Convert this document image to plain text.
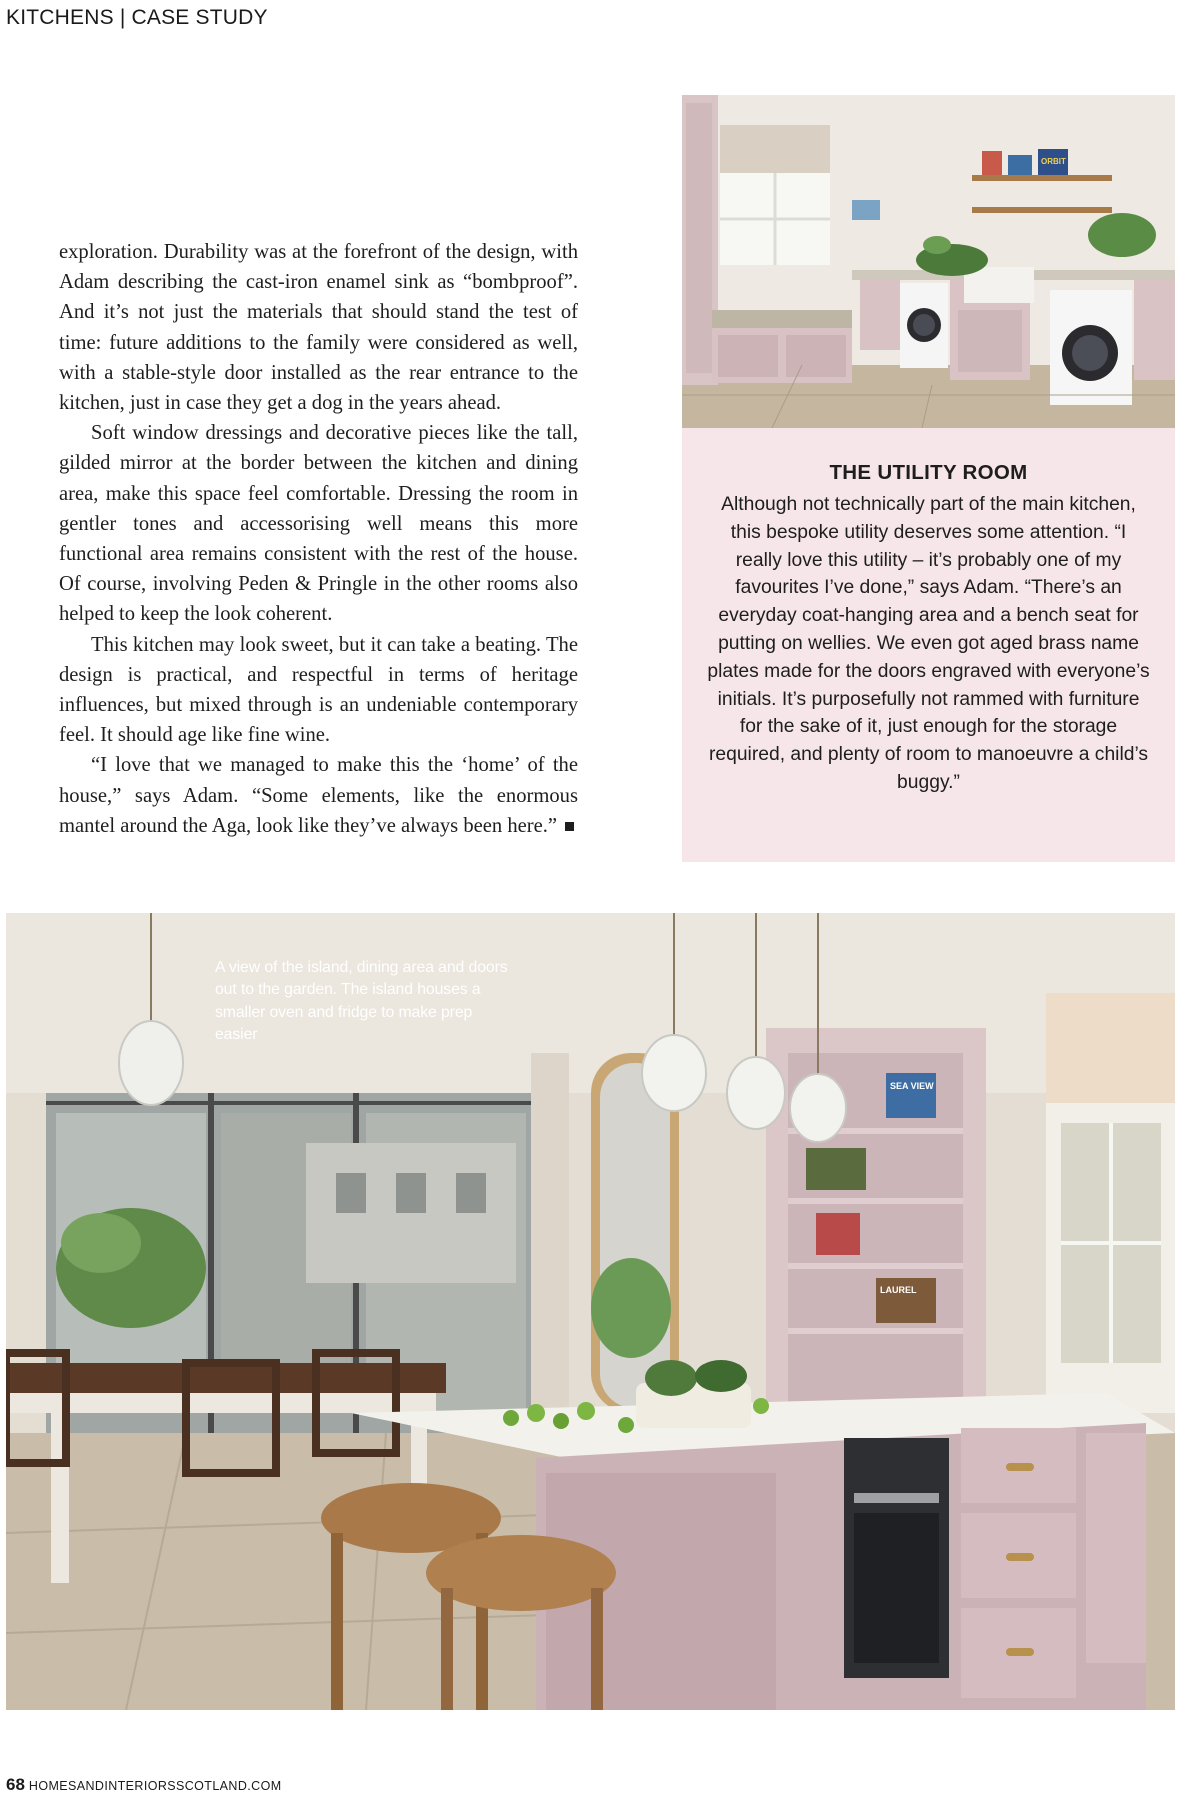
KITCHENS | CASE STUDY

exploration. Durability was at the forefront of the design, with Adam describing the cast-iron enamel sink as “bombproof”. And it’s not just the materials that should stand the test of time: future additions to the family were considered as well, with a stable-style door installed as the rear entrance to the kitchen, just in case they get a dog in the years ahead.

Soft window dressings and decorative pieces like the tall, gilded mirror at the border between the kitchen and dining area, make this space feel comfortable. Dressing the room in gentler tones and accessorising well means this more functional area remains consistent with the rest of the house. Of course, involving Peden & Pringle in the other rooms also helped to keep the look coherent.

This kitchen may look sweet, but it can take a beating. The design is practical, and respectful in terms of heritage influences, but mixed through is an undeniable contemporary feel. It should age like fine wine.

“I love that we managed to make this the ‘home’ of the house,” says Adam. “Some elements, like the enormous mantel around the Aga, look like they’ve always been here.”

ORBIT
THE UTILITY ROOM

Although not technically part of the main kitchen, this bespoke utility deserves some attention. “I really love this utility – it’s probably one of my favourites I’ve done,” says Adam. “There’s an everyday coat-hanging area and a bench seat for putting on wellies. We even got aged brass name plates made for the doors engraved with everyone’s initials. It’s purposefully not rammed with furniture for the sake of it, just enough for the storage required, and plenty of room to manoeuvre a child’s buggy.”

SEA VIEW
LAUREL
A view of the island, dining area and doors out to the garden. The island houses a smaller oven and fridge to make prep easier
68 HOMESANDINTERIORSSCOTLAND.COM
